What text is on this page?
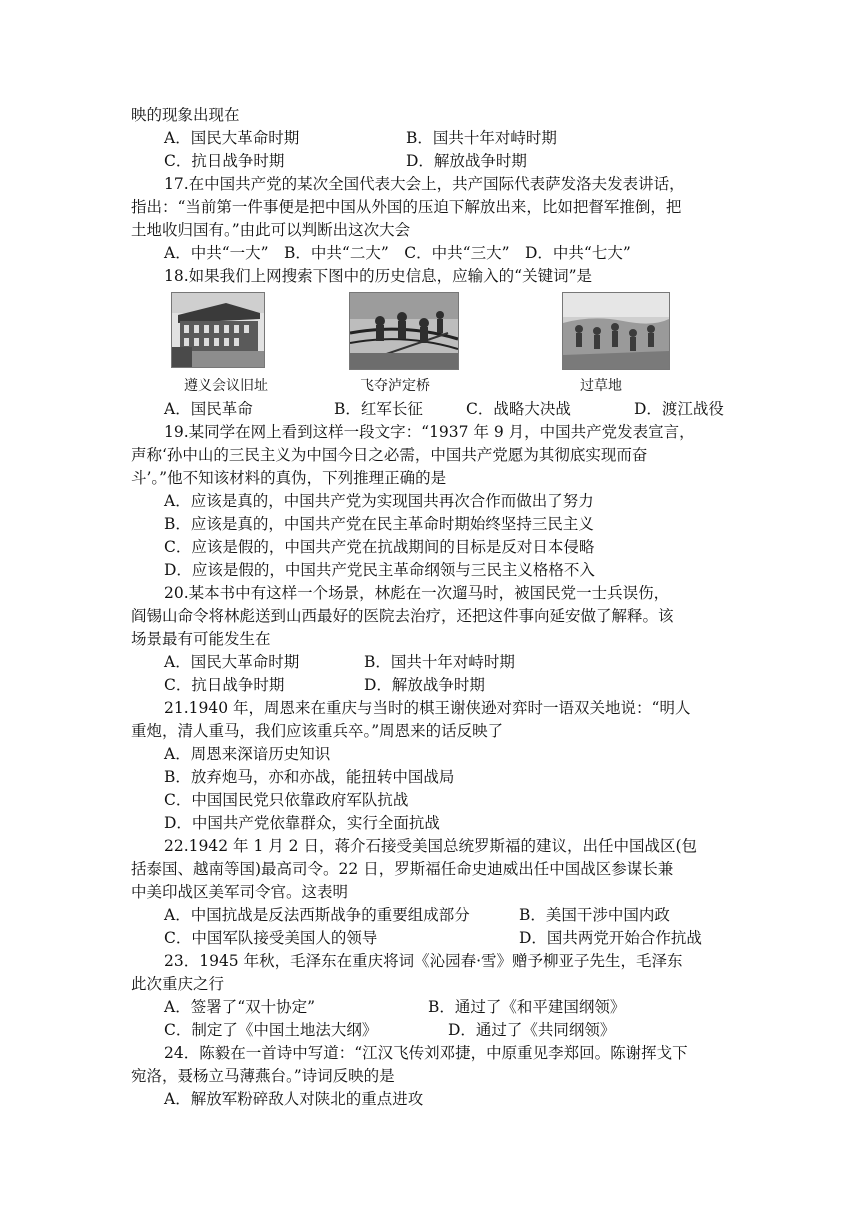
映的现象出现在
A．国民大革命时期	B．国共十年对峙时期
C．抗日战争时期	D．解放战争时期
17.在中国共产党的某次全国代表大会上，共产国际代表萨发洛夫发表讲话，
指出：“当前第一件事便是把中国从外国的压迫下解放出来，比如把督军推倒，把
土地收归国有。”由此可以判断出这次大会
A．中共“一大”　B．中共“二大”　C．中共“三大”　D．中共“七大”
18.如果我们上网搜索下图中的历史信息，应输入的“关键词”是
遵义会议旧址	飞夺泸定桥	过草地
A．国民革命	B．红军长征	C．战略大决战	D．渡江战役
19.某同学在网上看到这样一段文字：“1937 年 9 月，中国共产党发表宣言，
声称‘孙中山的三民主义为中国今日之必需，中国共产党愿为其彻底实现而奋
斗’。”他不知该材料的真伪，下列推理正确的是
A．应该是真的，中国共产党为实现国共再次合作而做出了努力
B．应该是真的，中国共产党在民主革命时期始终坚持三民主义
C．应该是假的，中国共产党在抗战期间的目标是反对日本侵略
D．应该是假的，中国共产党民主革命纲领与三民主义格格不入
20.某本书中有这样一个场景，林彪在一次遛马时，被国民党一士兵误伤，
阎锡山命令将林彪送到山西最好的医院去治疗，还把这件事向延安做了解释。该
场景最有可能发生在
A．国民大革命时期	B．国共十年对峙时期
C．抗日战争时期	D．解放战争时期
21.1940 年，周恩来在重庆与当时的棋王谢侠逊对弈时一语双关地说：“明人
重炮，清人重马，我们应该重兵卒。”周恩来的话反映了
A．周恩来深谙历史知识
B．放弃炮马，亦和亦战，能扭转中国战局
C．中国国民党只依靠政府军队抗战
D．中国共产党依靠群众，实行全面抗战
22.1942 年 1 月 2 日，蒋介石接受美国总统罗斯福的建议，出任中国战区(包
括泰国、越南等国)最高司令。22 日，罗斯福任命史迪威出任中国战区参谋长兼
中美印战区美军司令官。这表明
A．中国抗战是反法西斯战争的重要组成部分	B．美国干涉中国内政
C．中国军队接受美国人的领导	D．国共两党开始合作抗战
23．1945 年秋，毛泽东在重庆将词《沁园春·雪》赠予柳亚子先生，毛泽东
此次重庆之行
A．签署了“双十协定”	B．通过了《和平建国纲领》
C．制定了《中国土地法大纲》	D．通过了《共同纲领》
24．陈毅在一首诗中写道：“江汉飞传刘邓捷，中原重见李郑回。陈谢挥戈下
宛洛，聂杨立马薄燕台。”诗词反映的是
A．解放军粉碎敌人对陕北的重点进攻
